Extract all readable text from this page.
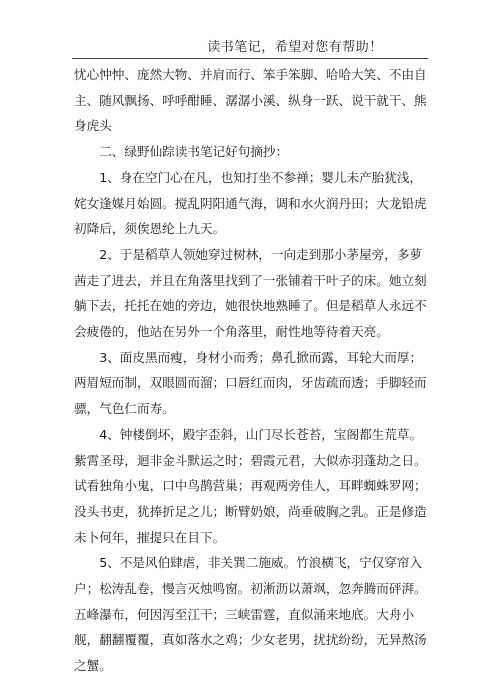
读书笔记，希望对您有帮助！

忧心忡忡、庞然大物、并肩而行、笨手笨脚、哈哈大笑、不由自主、随风飘扬、呼呼酣睡、潺潺小溪、纵身一跃、说干就干、熊身虎头

二、绿野仙踪读书笔记好句摘抄：

1、身在空门心在凡，也知打坐不参禅；婴儿未产胎犹浅，姹女逢媒月始圆。搅乱阴阳通气海，调和水火润丹田；大龙铅虎初降后，须俟恩纶上九天。

2、于是稻草人领她穿过树林，一向走到那小茅屋旁，多萝茜走了进去，并且在角落里找到了一张铺着干叶子的床。她立刻躺下去，托托在她的旁边，她很快地熟睡了。但是稻草人永远不会疲倦的，他站在另外一个角落里，耐性地等待着天亮。

3、面皮黑而瘦，身材小而秀；鼻孔掀而露，耳轮大而厚；两眉短而制，双眼圆而溜；口唇红而肉，牙齿疏而透；手脚轻而骠，气色仁而寿。

4、钟楼倒坏，殿宇歪斜，山门尽长苍苔，宝阁都生荒草。紫霄圣母，迴非金斗默运之时；碧霞元君，大似赤羽蓬劫之日。试看独角小鬼，口中鸟鹊营巢；再观两旁佳人，耳畔蜘蛛罗网；没头书吏，犹捧折足之儿；断臂奶娘，尚垂破胸之乳。正是修造未卜何年，摧提只在目下。

5、不是风伯肆虐，非关巽二施威。竹浪横飞，宁仅穿帘入户；松涛乱卷，慢言灭烛鸣窗。初淅沥以萧飒，忽奔腾而砰湃。五峰瀑布，何因泻至江干；三峡雷霆，直似涌来地底。大舟小舰，翻翻覆覆，真如落水之鸡；少女老男，扰扰纷纷，无异熬汤之蟹。
